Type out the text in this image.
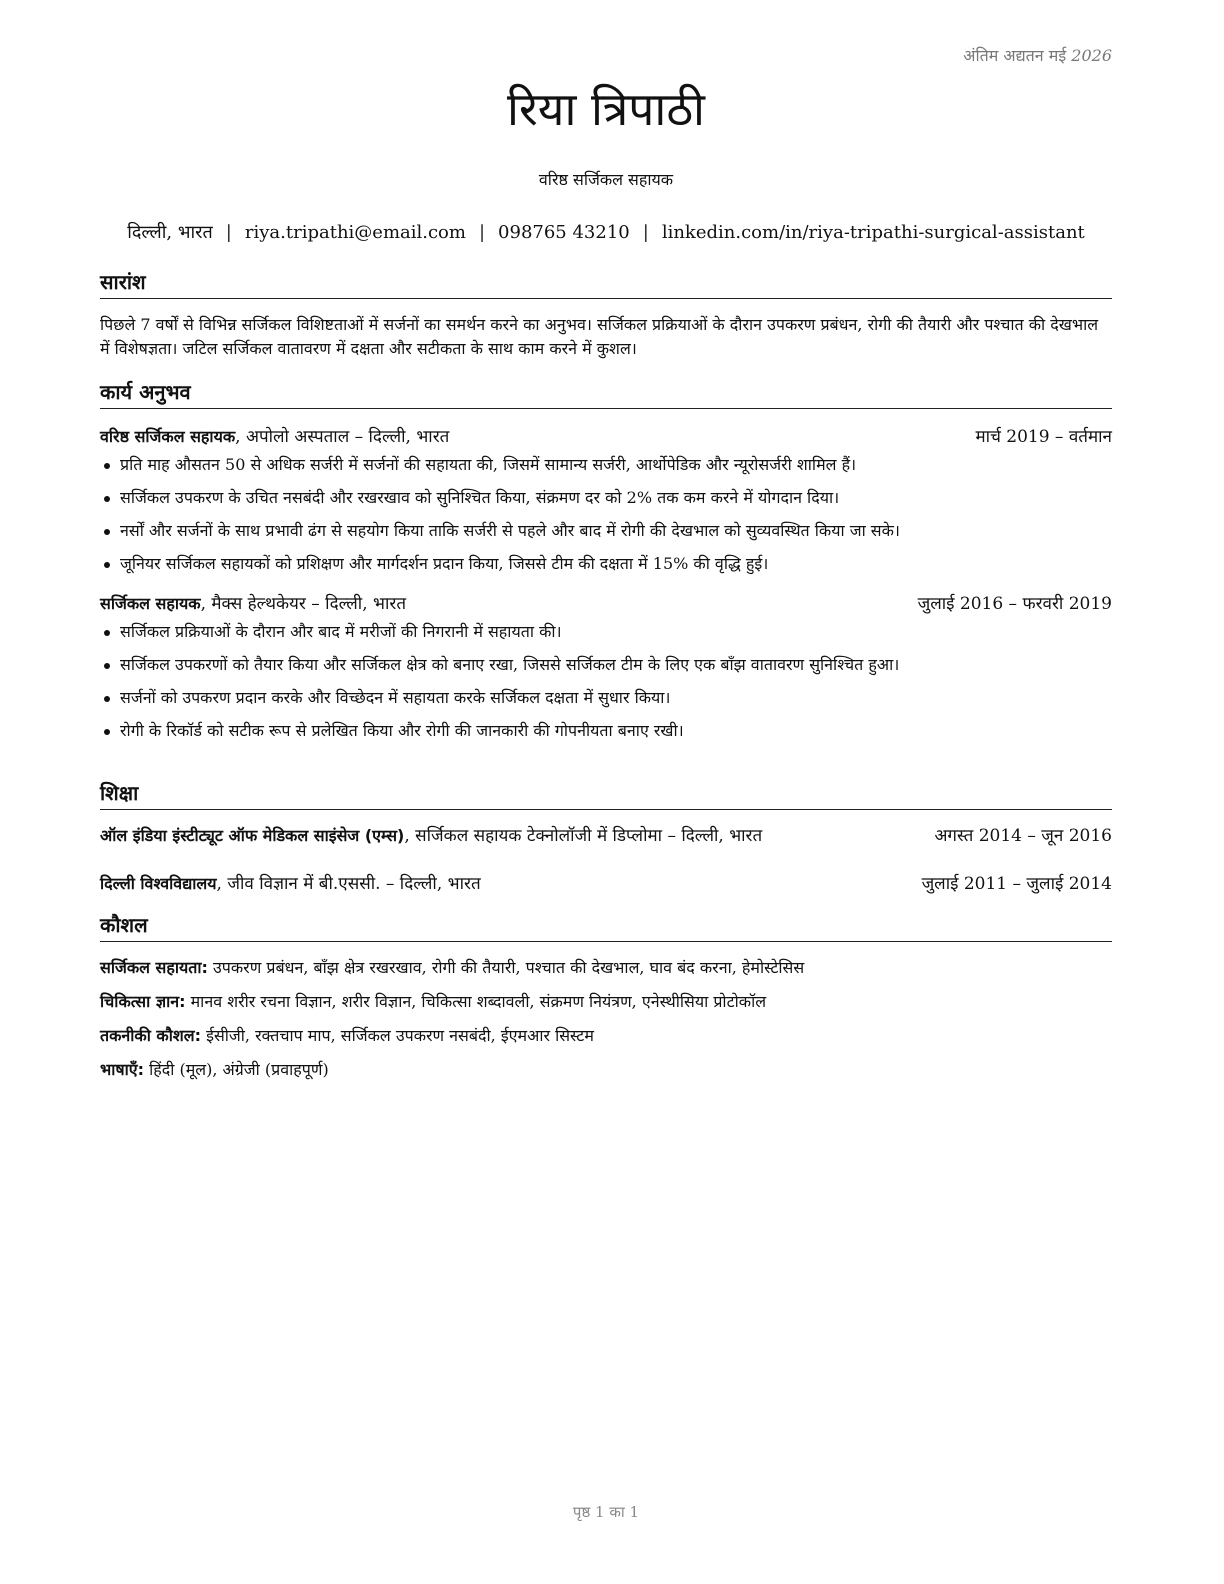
अंतिम अद्यतन मई 2026
रिया त्रिपाठी
वरिष्ठ सर्जिकल सहायक
दिल्ली, भारत | riya.tripathi@email.com | 098765 43210 | linkedin.com/in/riya-tripathi-surgical-assistant
सारांश
पिछले 7 वर्षों से विभिन्न सर्जिकल विशिष्टताओं में सर्जनों का समर्थन करने का अनुभव। सर्जिकल प्रक्रियाओं के दौरान उपकरण प्रबंधन, रोगी की तैयारी और पश्चात की देखभाल में विशेषज्ञता। जटिल सर्जिकल वातावरण में दक्षता और सटीकता के साथ काम करने में कुशल।
कार्य अनुभव
वरिष्ठ सर्जिकल सहायक, अपोलो अस्पताल – दिल्ली, भारत	मार्च 2019 – वर्तमान
प्रति माह औसतन 50 से अधिक सर्जरी में सर्जनों की सहायता की, जिसमें सामान्य सर्जरी, आर्थोपेडिक और न्यूरोसर्जरी शामिल हैं।
सर्जिकल उपकरण के उचित नसबंदी और रखरखाव को सुनिश्चित किया, संक्रमण दर को 2% तक कम करने में योगदान दिया।
नर्सों और सर्जनों के साथ प्रभावी ढंग से सहयोग किया ताकि सर्जरी से पहले और बाद में रोगी की देखभाल को सुव्यवस्थित किया जा सके।
जूनियर सर्जिकल सहायकों को प्रशिक्षण और मार्गदर्शन प्रदान किया, जिससे टीम की दक्षता में 15% की वृद्धि हुई।
सर्जिकल सहायक, मैक्स हेल्थकेयर – दिल्ली, भारत	जुलाई 2016 – फरवरी 2019
सर्जिकल प्रक्रियाओं के दौरान और बाद में मरीजों की निगरानी में सहायता की।
सर्जिकल उपकरणों को तैयार किया और सर्जिकल क्षेत्र को बनाए रखा, जिससे सर्जिकल टीम के लिए एक बाँझ वातावरण सुनिश्चित हुआ।
सर्जनों को उपकरण प्रदान करके और विच्छेदन में सहायता करके सर्जिकल दक्षता में सुधार किया।
रोगी के रिकॉर्ड को सटीक रूप से प्रलेखित किया और रोगी की जानकारी की गोपनीयता बनाए रखी।
शिक्षा
ऑल इंडिया इंस्टीट्यूट ऑफ मेडिकल साइंसेज (एम्स), सर्जिकल सहायक टेक्नोलॉजी में डिप्लोमा – दिल्ली, भारत	अगस्त 2014 – जून 2016
दिल्ली विश्वविद्यालय, जीव विज्ञान में बी.एससी. – दिल्ली, भारत	जुलाई 2011 – जुलाई 2014
कौशल
सर्जिकल सहायता: उपकरण प्रबंधन, बाँझ क्षेत्र रखरखाव, रोगी की तैयारी, पश्चात की देखभाल, घाव बंद करना, हेमोस्टेसिस
चिकित्सा ज्ञान: मानव शरीर रचना विज्ञान, शरीर विज्ञान, चिकित्सा शब्दावली, संक्रमण नियंत्रण, एनेस्थीसिया प्रोटोकॉल
तकनीकी कौशल: ईसीजी, रक्तचाप माप, सर्जिकल उपकरण नसबंदी, ईएमआर सिस्टम
भाषाएँ: हिंदी (मूल), अंग्रेजी (प्रवाहपूर्ण)
पृष्ठ 1 का 1
